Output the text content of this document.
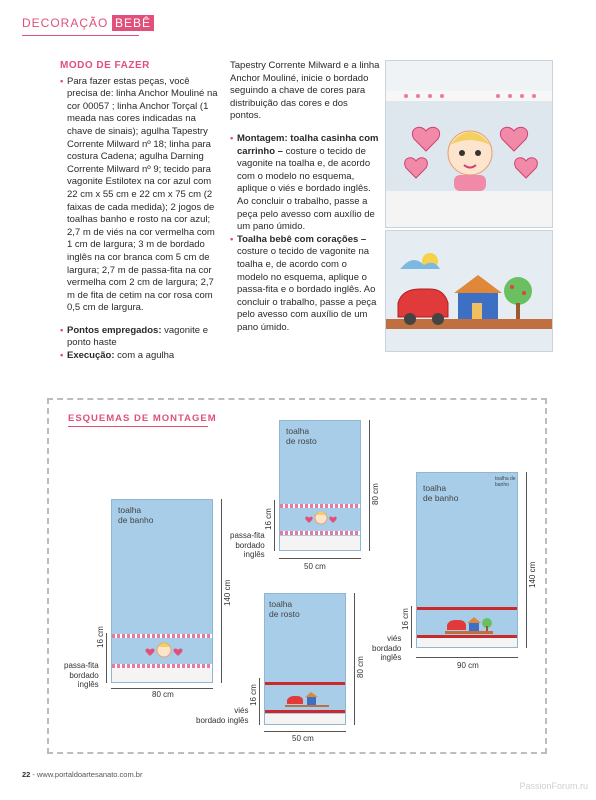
DECORAÇÃO BEBÊ
MODO DE FAZER
• Para fazer estas peças, você precisa de: linha Anchor Mouliné na cor 00057 ; linha Anchor Torçal (1 meada nas cores indicadas na chave de sinais); agulha Tapestry Corrente Milward nº 18; linha para costura Cadena; agulha Darning Corrente Milward nº 9; tecido para vagonite Estilotex na cor azul com 22 cm x 55 cm e 22 cm x 75 cm (2 faixas de cada medida); 2 jogos de toalhas banho e rosto na cor azul; 2,7 m de viés na cor vermelha com 1 cm de largura; 3 m de bordado inglês na cor branca com 5 cm de largura; 2,7 m de passa-fita na cor vermelha com 2 cm de largura; 2,7 m de fita de cetim na cor rosa com 0,5 cm de largura.
• Pontos empregados: vagonite e ponto haste
• Execução: com a agulha
Tapestry Corrente Milward e a linha Anchor Mouliné, inicie o bordado seguindo a chave de cores para distribuição das cores e dos pontos.
• Montagem: toalha casinha com carrinho – costure o tecido de vagonite na toalha e, de acordo com o modelo no esquema, aplique o viés e bordado inglês. Ao concluir o trabalho, passe a peça pelo avesso com auxílio de um pano úmido.
• Toalha bebê com corações – costure o tecido de vagonite na toalha e, de acordo com o modelo no esquema, aplique o passa-fita e o bordado inglês. Ao concluir o trabalho, passe a peça pelo avesso com auxílio de um pano úmido.
ESQUEMAS DE MONTAGEM
toalha
de banho
140 cm
16 cm
passa-fita
bordado
inglês
80 cm
toalha
de rosto
80 cm
16 cm
passa-fita
bordado
inglês
50 cm
toalha
de banho
toalha de banho
140 cm
16 cm
viés
bordado
inglês
90 cm
toalha
de rosto
80 cm
16 cm
viés
bordado inglês
50 cm
22 - www.portaldoartesanato.com.br
PassionForum.ru
